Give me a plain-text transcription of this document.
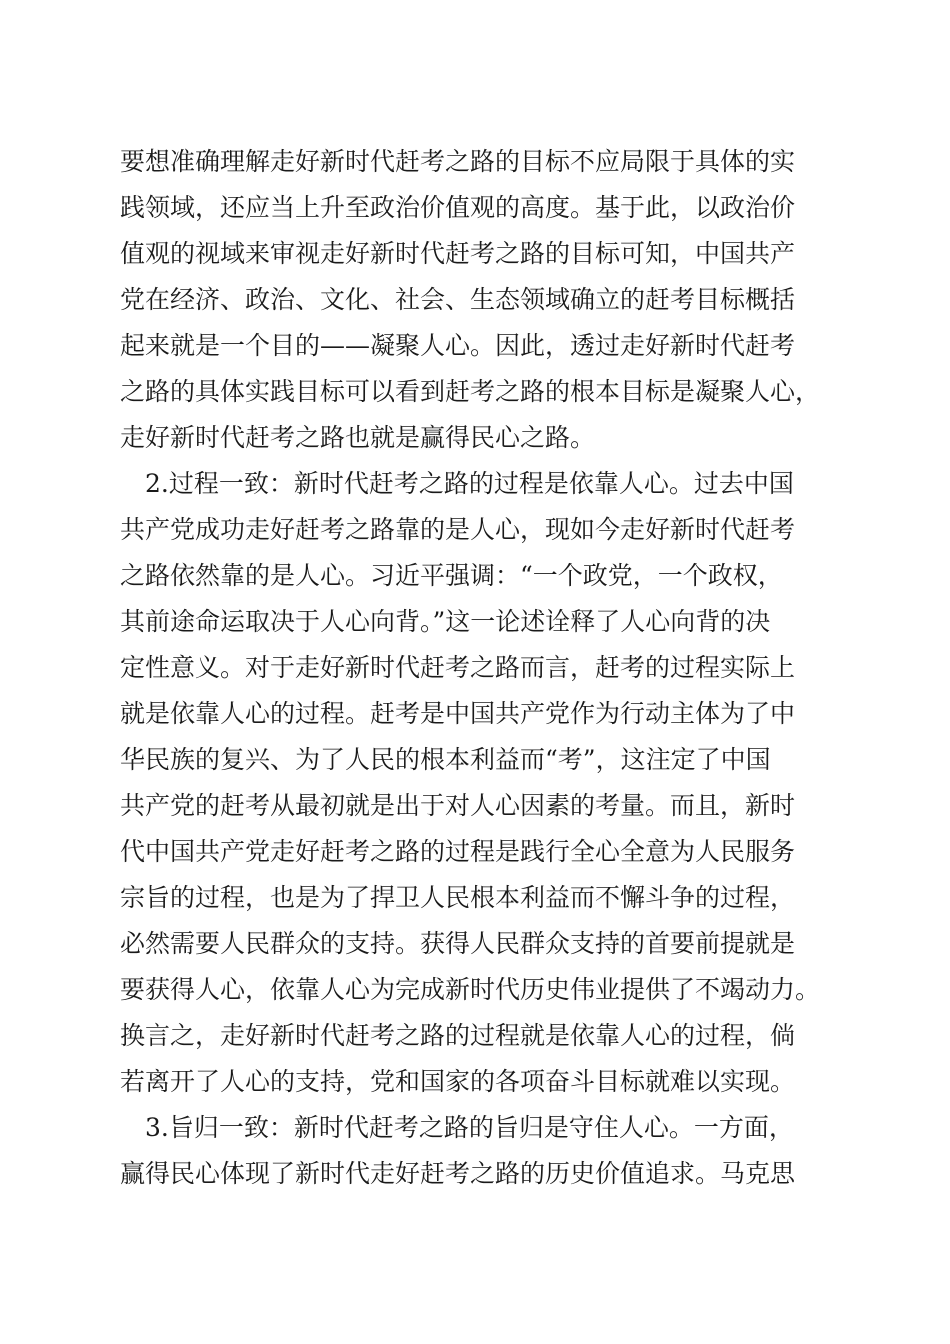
要想准确理解走好新时代赶考之路的目标不应局限于具体的实
践领域，还应当上升至政治价值观的高度。基于此，以政治价
值观的视域来审视走好新时代赶考之路的目标可知，中国共产
党在经济、政治、文化、社会、生态领域确立的赶考目标概括
起来就是一个目的——凝聚人心。因此，透过走好新时代赶考
之路的具体实践目标可以看到赶考之路的根本目标是凝聚人心，
走好新时代赶考之路也就是赢得民心之路。
2.过程一致：新时代赶考之路的过程是依靠人心。过去中国
共产党成功走好赶考之路靠的是人心，现如今走好新时代赶考
之路依然靠的是人心。习近平强调：“一个政党，一个政权，
其前途命运取决于人心向背。”这一论述诠释了人心向背的决
定性意义。对于走好新时代赶考之路而言，赶考的过程实际上
就是依靠人心的过程。赶考是中国共产党作为行动主体为了中
华民族的复兴、为了人民的根本利益而“考”，这注定了中国
共产党的赶考从最初就是出于对人心因素的考量。而且，新时
代中国共产党走好赶考之路的过程是践行全心全意为人民服务
宗旨的过程，也是为了捍卫人民根本利益而不懈斗争的过程，
必然需要人民群众的支持。获得人民群众支持的首要前提就是
要获得人心，依靠人心为完成新时代历史伟业提供了不竭动力。
换言之，走好新时代赶考之路的过程就是依靠人心的过程，倘
若离开了人心的支持，党和国家的各项奋斗目标就难以实现。
3.旨归一致：新时代赶考之路的旨归是守住人心。一方面，
赢得民心体现了新时代走好赶考之路的历史价值追求。马克思
